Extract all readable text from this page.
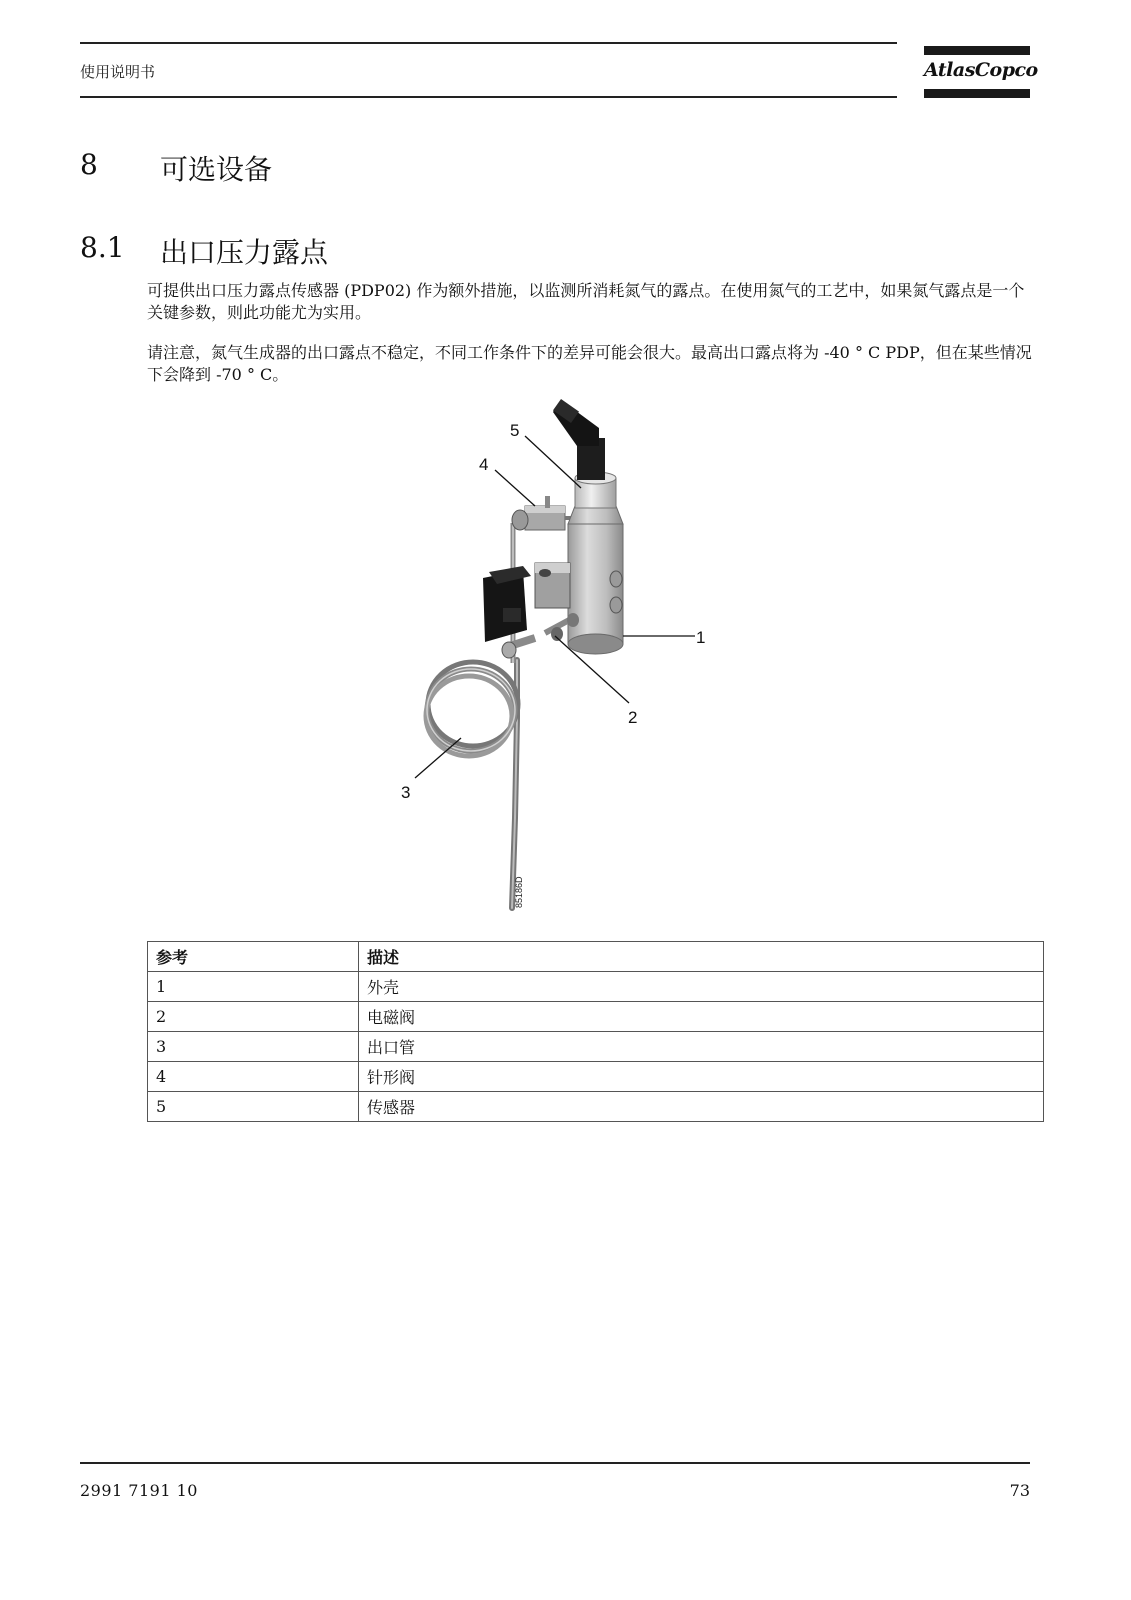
使用说明书	AtlasCopco
8 可选设备
8.1 出口压力露点

可提供出口压力露点传感器 (PDP02) 作为额外措施，以监测所消耗氮气的露点。在使用氮气的工艺中，如果氮气露点是一个关键参数，则此功能尤为实用。

请注意，氮气生成器的出口露点不稳定，不同工作条件下的差异可能会很大。最高出口露点将为 -40 ° C PDP，但在某些情况下会降到 -70 ° C。

5
4
1
2
3
85186D
参考	描述
1	外壳
2	电磁阀
3	出口管
4	针形阀
5	传感器
2991 7191 10	73
